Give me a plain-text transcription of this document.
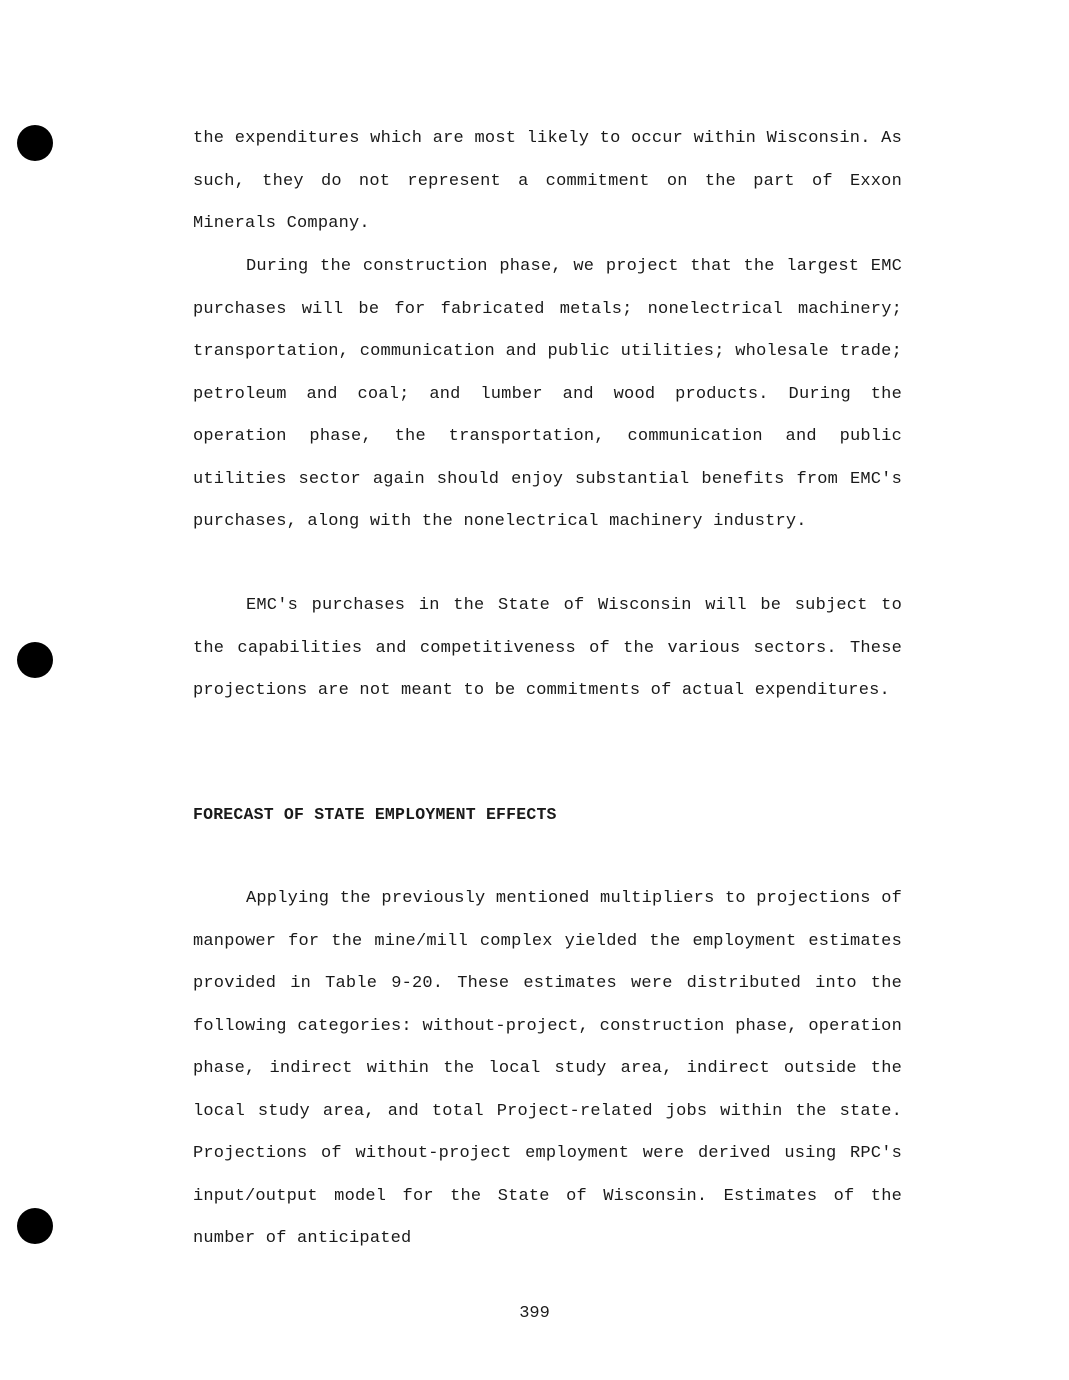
the expenditures which are most likely to occur within Wisconsin. As such, they do not represent a commitment on the part of Exxon Minerals Company.

During the construction phase, we project that the largest EMC purchases will be for fabricated metals; nonelectrical machinery; transportation, communication and public utilities; wholesale trade; petroleum and coal; and lumber and wood products. During the operation phase, the transportation, communication and public utilities sector again should enjoy substantial benefits from EMC's purchases, along with the nonelectrical machinery industry.

EMC's purchases in the State of Wisconsin will be subject to the capabilities and competitiveness of the various sectors. These projections are not meant to be commitments of actual expenditures.

FORECAST OF STATE EMPLOYMENT EFFECTS

Applying the previously mentioned multipliers to projections of manpower for the mine/mill complex yielded the employment estimates provided in Table 9-20. These estimates were distributed into the following categories: without-project, construction phase, operation phase, indirect within the local study area, indirect outside the local study area, and total Project-related jobs within the state. Projections of without-project employment were derived using RPC's input/output model for the State of Wisconsin. Estimates of the number of anticipated

399
